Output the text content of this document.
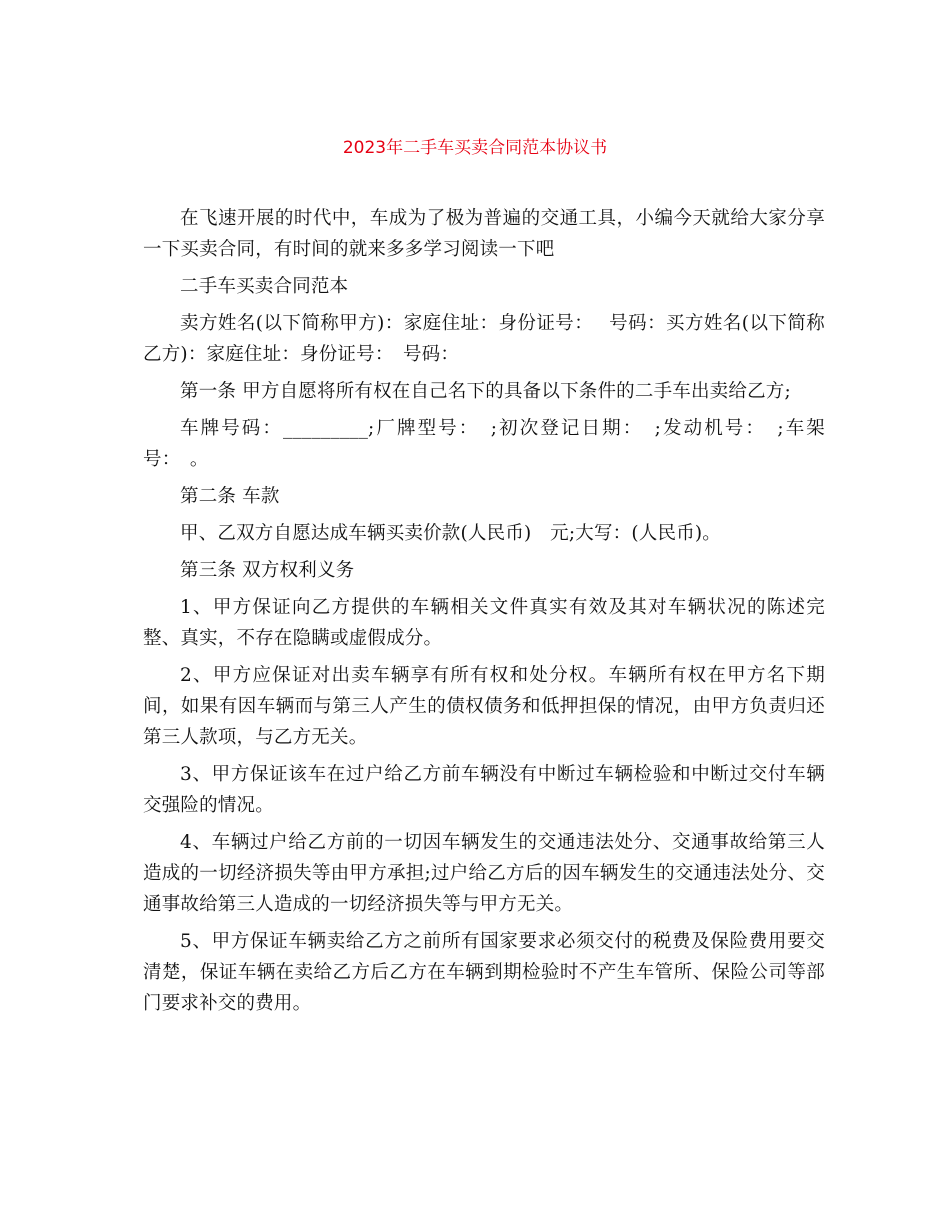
2023年二手车买卖合同范本协议书

在飞速开展的时代中，车成为了极为普遍的交通工具，小编今天就给大家分享一下买卖合同，有时间的就来多多学习阅读一下吧

二手车买卖合同范本

卖方姓名(以下简称甲方)：家庭住址：身份证号：　 号码：买方姓名(以下简称乙方)：家庭住址：身份证号：　号码：

第一条 甲方自愿将所有权在自己名下的具备以下条件的二手车出卖给乙方;

车牌号码：_________;厂牌型号：　;初次登记日期：　;发动机号：　;车架号：　。

第二条 车款

甲、乙双方自愿达成车辆买卖价款(人民币)　元;大写：(人民币)。

第三条 双方权利义务

1、甲方保证向乙方提供的车辆相关文件真实有效及其对车辆状况的陈述完整、真实，不存在隐瞒或虚假成分。

2、甲方应保证对出卖车辆享有所有权和处分权。车辆所有权在甲方名下期间，如果有因车辆而与第三人产生的债权债务和低押担保的情况，由甲方负责归还第三人款项，与乙方无关。

3、甲方保证该车在过户给乙方前车辆没有中断过车辆检验和中断过交付车辆交强险的情况。

4、车辆过户给乙方前的一切因车辆发生的交通违法处分、交通事故给第三人造成的一切经济损失等由甲方承担;过户给乙方后的因车辆发生的交通违法处分、交通事故给第三人造成的一切经济损失等与甲方无关。

5、甲方保证车辆卖给乙方之前所有国家要求必须交付的税费及保险费用要交清楚，保证车辆在卖给乙方后乙方在车辆到期检验时不产生车管所、保险公司等部门要求补交的费用。
